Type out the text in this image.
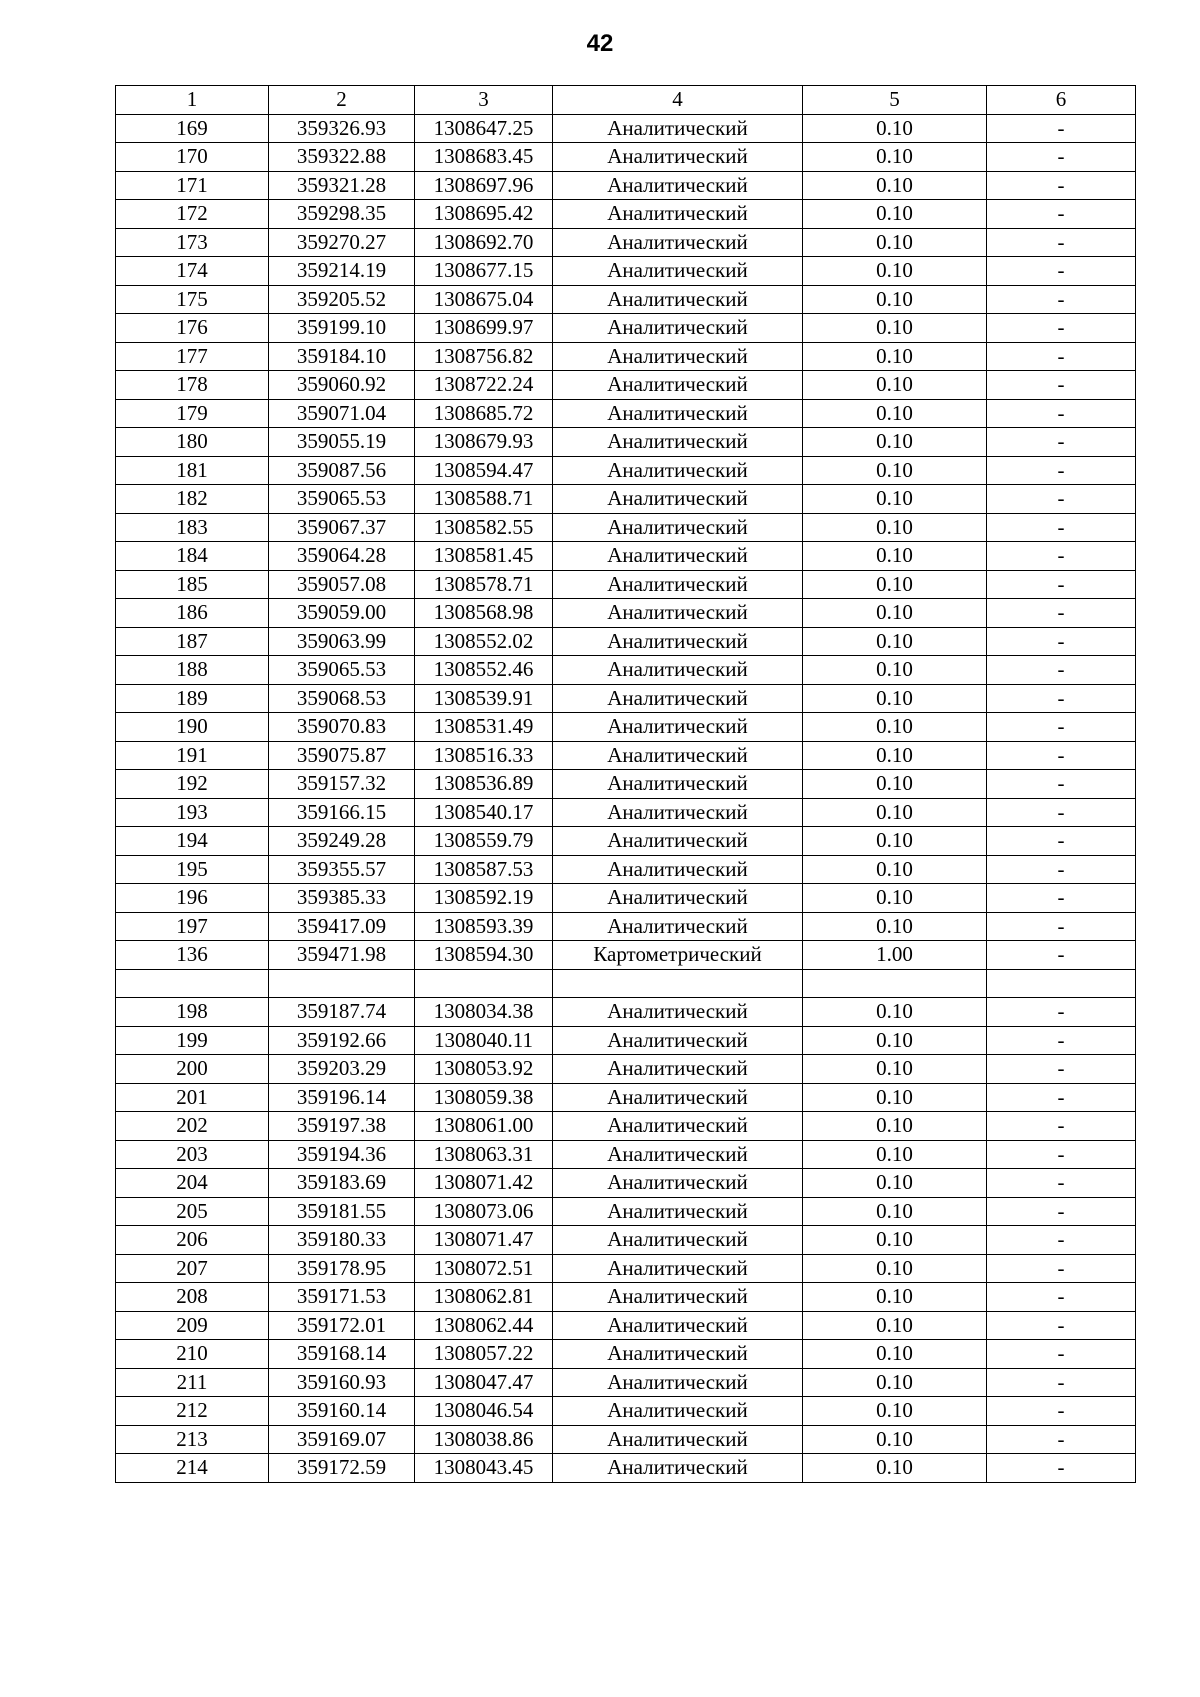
42
1	2	3	4	5	6
169	359326.93	1308647.25	Аналитический	0.10	-
170	359322.88	1308683.45	Аналитический	0.10	-
171	359321.28	1308697.96	Аналитический	0.10	-
172	359298.35	1308695.42	Аналитический	0.10	-
173	359270.27	1308692.70	Аналитический	0.10	-
174	359214.19	1308677.15	Аналитический	0.10	-
175	359205.52	1308675.04	Аналитический	0.10	-
176	359199.10	1308699.97	Аналитический	0.10	-
177	359184.10	1308756.82	Аналитический	0.10	-
178	359060.92	1308722.24	Аналитический	0.10	-
179	359071.04	1308685.72	Аналитический	0.10	-
180	359055.19	1308679.93	Аналитический	0.10	-
181	359087.56	1308594.47	Аналитический	0.10	-
182	359065.53	1308588.71	Аналитический	0.10	-
183	359067.37	1308582.55	Аналитический	0.10	-
184	359064.28	1308581.45	Аналитический	0.10	-
185	359057.08	1308578.71	Аналитический	0.10	-
186	359059.00	1308568.98	Аналитический	0.10	-
187	359063.99	1308552.02	Аналитический	0.10	-
188	359065.53	1308552.46	Аналитический	0.10	-
189	359068.53	1308539.91	Аналитический	0.10	-
190	359070.83	1308531.49	Аналитический	0.10	-
191	359075.87	1308516.33	Аналитический	0.10	-
192	359157.32	1308536.89	Аналитический	0.10	-
193	359166.15	1308540.17	Аналитический	0.10	-
194	359249.28	1308559.79	Аналитический	0.10	-
195	359355.57	1308587.53	Аналитический	0.10	-
196	359385.33	1308592.19	Аналитический	0.10	-
197	359417.09	1308593.39	Аналитический	0.10	-
136	359471.98	1308594.30	Картометрический	1.00	-

198	359187.74	1308034.38	Аналитический	0.10	-
199	359192.66	1308040.11	Аналитический	0.10	-
200	359203.29	1308053.92	Аналитический	0.10	-
201	359196.14	1308059.38	Аналитический	0.10	-
202	359197.38	1308061.00	Аналитический	0.10	-
203	359194.36	1308063.31	Аналитический	0.10	-
204	359183.69	1308071.42	Аналитический	0.10	-
205	359181.55	1308073.06	Аналитический	0.10	-
206	359180.33	1308071.47	Аналитический	0.10	-
207	359178.95	1308072.51	Аналитический	0.10	-
208	359171.53	1308062.81	Аналитический	0.10	-
209	359172.01	1308062.44	Аналитический	0.10	-
210	359168.14	1308057.22	Аналитический	0.10	-
211	359160.93	1308047.47	Аналитический	0.10	-
212	359160.14	1308046.54	Аналитический	0.10	-
213	359169.07	1308038.86	Аналитический	0.10	-
214	359172.59	1308043.45	Аналитический	0.10	-
